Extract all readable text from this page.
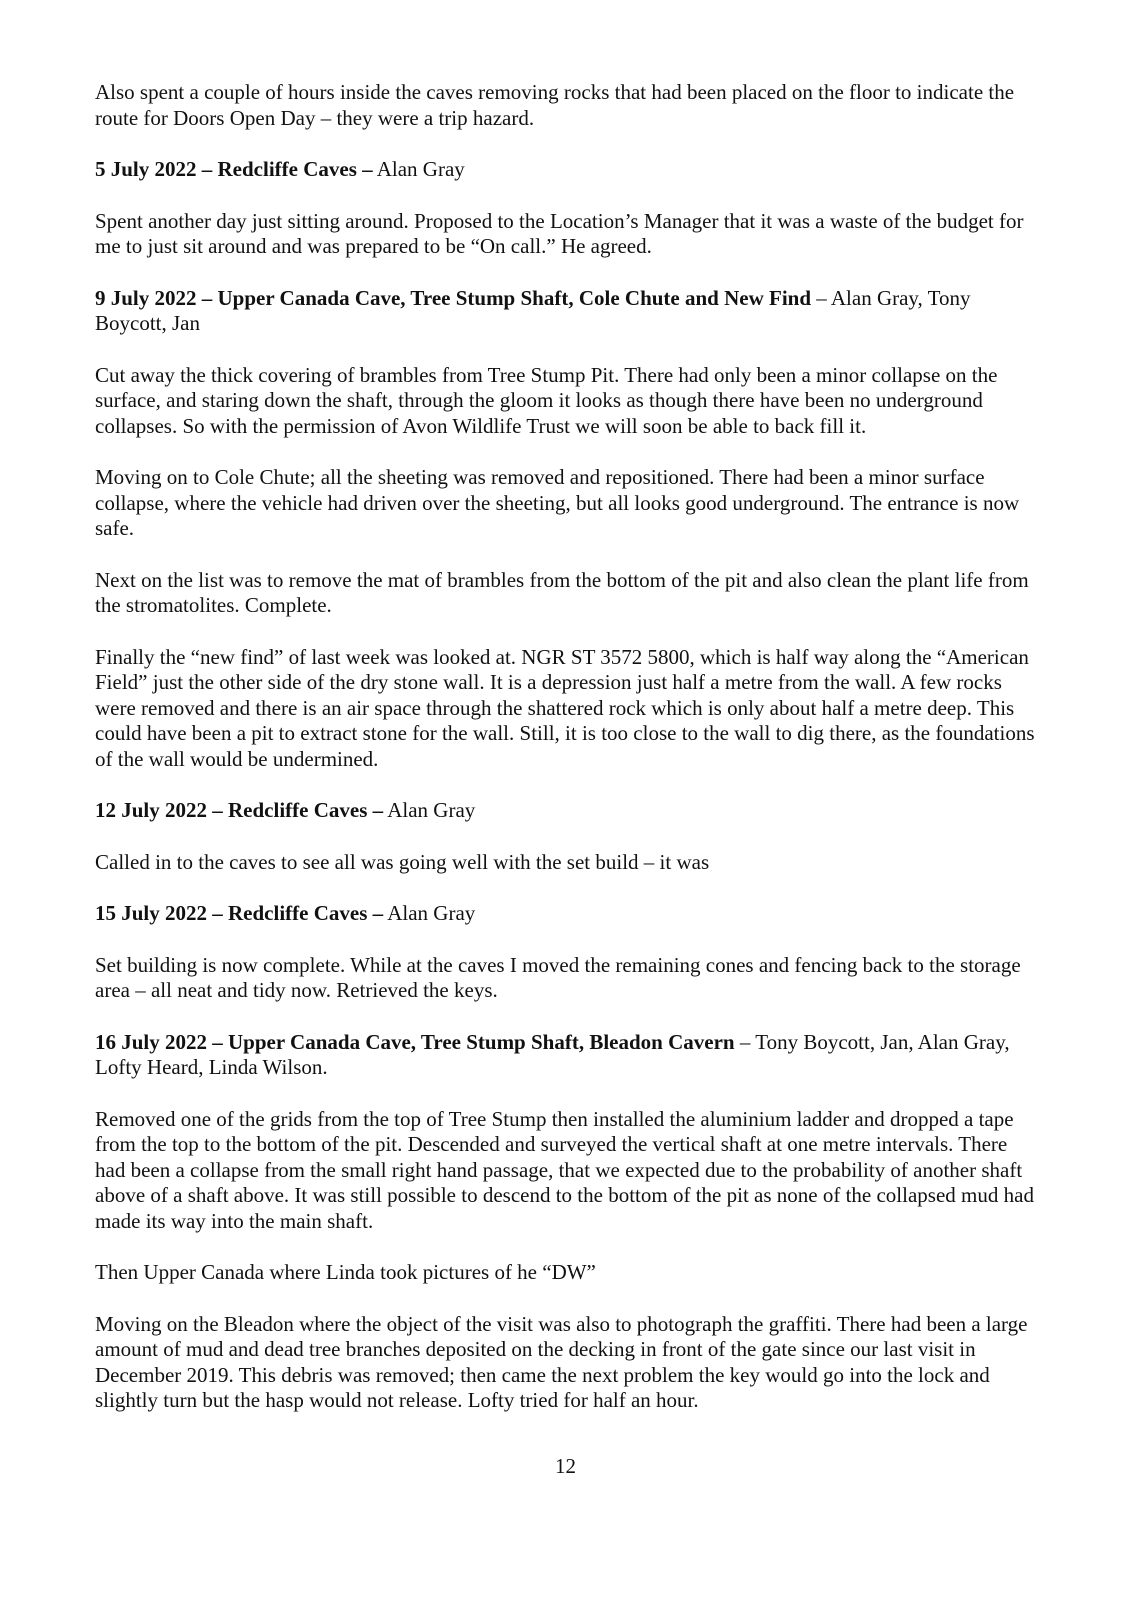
Also spent a couple of hours inside the caves removing rocks that had been placed on the floor to indicate the route for Doors Open Day – they were a trip hazard.

5 July 2022 – Redcliffe Caves – Alan Gray

Spent another day just sitting around. Proposed to the Location’s Manager that it was a waste of the budget for me to just sit around and was prepared to be “On call.” He agreed.

9 July 2022 – Upper Canada Cave, Tree Stump Shaft, Cole Chute and New Find – Alan Gray, Tony Boycott, Jan

Cut away the thick covering of brambles from Tree Stump Pit. There had only been a minor collapse on the surface, and staring down the shaft, through the gloom it looks as though there have been no underground collapses. So with the permission of Avon Wildlife Trust we will soon be able to back fill it.

Moving on to Cole Chute; all the sheeting was removed and repositioned. There had been a minor surface collapse, where the vehicle had driven over the sheeting, but all looks good underground. The entrance is now safe.

Next on the list was to remove the mat of brambles from the bottom of the pit and also clean the plant life from the stromatolites. Complete.

Finally the “new find” of last week was looked at. NGR ST 3572 5800, which is half way along the “American Field” just the other side of the dry stone wall. It is a depression just half a metre from the wall. A few rocks were removed and there is an air space through the shattered rock which is only about half a metre deep. This could have been a pit to extract stone for the wall. Still, it is too close to the wall to dig there, as the foundations of the wall would be undermined.

12 July 2022 – Redcliffe Caves – Alan Gray

Called in to the caves to see all was going well with the set build – it was

15 July 2022 – Redcliffe Caves – Alan Gray

Set building is now complete. While at the caves I moved the remaining cones and fencing back to the storage area – all neat and tidy now. Retrieved the keys.

16 July 2022 – Upper Canada Cave, Tree Stump Shaft, Bleadon Cavern – Tony Boycott, Jan, Alan Gray, Lofty Heard, Linda Wilson.

Removed one of the grids from the top of Tree Stump then installed the aluminium ladder and dropped a tape from the top to the bottom of the pit. Descended and surveyed the vertical shaft at one metre intervals. There had been a collapse from the small right hand passage, that we expected due to the probability of another shaft above of a shaft above. It was still possible to descend to the bottom of the pit as none of the collapsed mud had made its way into the main shaft.

Then Upper Canada where Linda took pictures of he “DW”

Moving on the Bleadon where the object of the visit was also to photograph the graffiti. There had been a large amount of mud and dead tree branches deposited on the decking in front of the gate since our last visit in December 2019. This debris was removed; then came the next problem the key would go into the lock and slightly turn but the hasp would not release. Lofty tried for half an hour.

12
